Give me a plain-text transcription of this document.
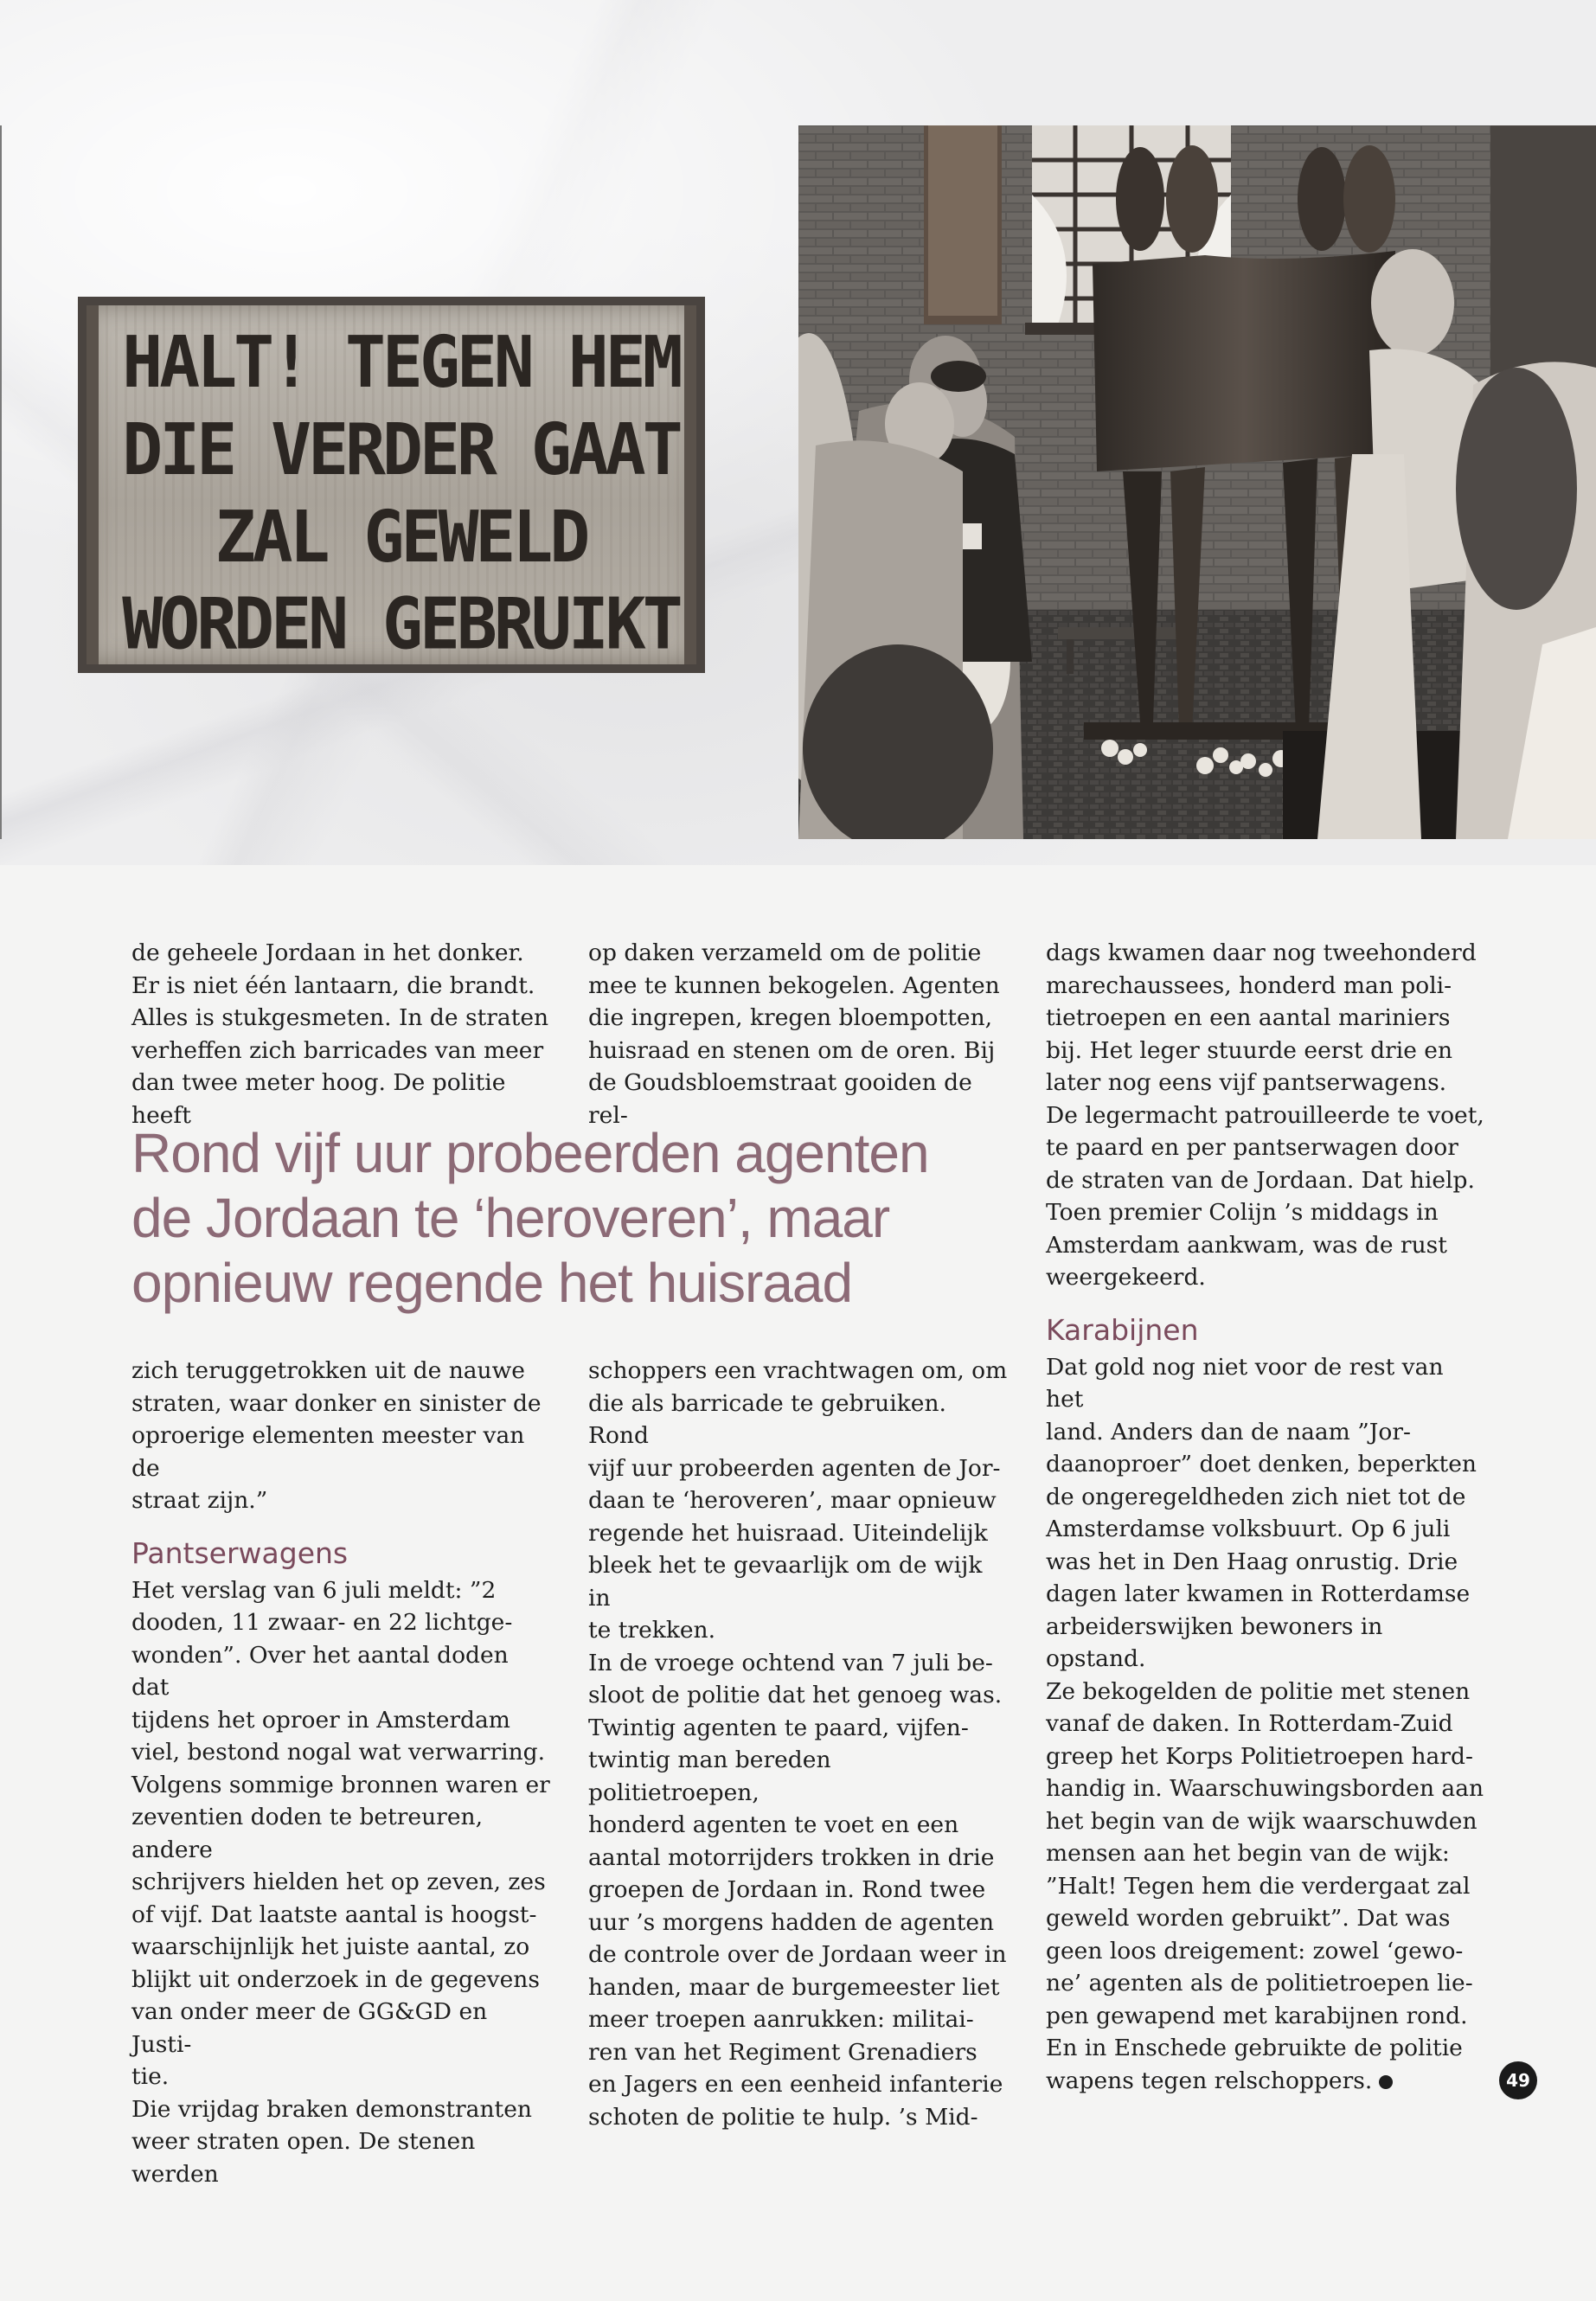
HALT! TEGEN HEM
DIE VERDER GAAT
ZAL GEWELD
WORDEN GEBRUIKT

de geheele Jordaan in het donker.

Er is niet één lantaarn, die brandt.

Alles is stukgesmeten. In de straten

verheffen zich barricades van meer

dan twee meter hoog. De politie heeft

op daken verzameld om de politie

mee te kunnen bekogelen. Agenten

die ingrepen, kregen bloempotten,

huisraad en stenen om de oren. Bij

de Goudsbloemstraat gooiden de rel-

Rond vijf uur probeerden agenten
de Jordaan te ‘heroveren’, maar
opnieuw regende het huisraad

zich teruggetrokken uit de nauwe

straten, waar donker en sinister de

oproerige elementen meester van de

straat zijn.”

Pantserwagens

Het verslag van 6 juli meldt: ”2

dooden, 11 zwaar- en 22 lichtge-

wonden”. Over het aantal doden dat

tijdens het oproer in Amsterdam

viel, bestond nogal wat verwarring.

Volgens sommige bronnen waren er

zeventien doden te betreuren, andere

schrijvers hielden het op zeven, zes

of vijf. Dat laatste aantal is hoogst-

waarschijnlijk het juiste aantal, zo

blijkt uit onderzoek in de gegevens

van onder meer de GG&GD en Justi-

tie.

Die vrijdag braken demonstranten

weer straten open. De stenen werden

schoppers een vrachtwagen om, om

die als barricade te gebruiken. Rond

vijf uur probeerden agenten de Jor-

daan te ‘heroveren’, maar opnieuw

regende het huisraad. Uiteindelijk

bleek het te gevaarlijk om de wijk in

te trekken.

In de vroege ochtend van 7 juli be-

sloot de politie dat het genoeg was.

Twintig agenten te paard, vijfen-

twintig man bereden politietroepen,

honderd agenten te voet en een

aantal motorrijders trokken in drie

groepen de Jordaan in. Rond twee

uur ’s morgens hadden de agenten

de controle over de Jordaan weer in

handen, maar de burgemeester liet

meer troepen aanrukken: militai-

ren van het Regiment Grenadiers

en Jagers en een eenheid infanterie

schoten de politie te hulp. ’s Mid-

dags kwamen daar nog tweehonderd

marechaussees, honderd man poli-

tietroepen en een aantal mariniers

bij. Het leger stuurde eerst drie en

later nog eens vijf pantserwagens.

De legermacht patrouilleerde te voet,

te paard en per pantserwagen door

de straten van de Jordaan. Dat hielp.

Toen premier Colijn ’s middags in

Amsterdam aankwam, was de rust

weergekeerd.

Karabijnen

Dat gold nog niet voor de rest van het

land. Anders dan de naam ”Jor-

daanoproer” doet denken, beperkten

de ongeregeldheden zich niet tot de

Amsterdamse volksbuurt. Op 6 juli

was het in Den Haag onrustig. Drie

dagen later kwamen in Rotterdamse

arbeiderswijken bewoners in opstand.

Ze bekogelden de politie met stenen

vanaf de daken. In Rotterdam-Zuid

greep het Korps Politietroepen hard-

handig in. Waarschuwingsborden aan

het begin van de wijk waarschuwden

mensen aan het begin van de wijk:

”Halt! Tegen hem die verdergaat zal

geweld worden gebruikt”. Dat was

geen loos dreigement: zowel ‘gewo-

ne’ agenten als de politietroepen lie-

pen gewapend met karabijnen rond.

En in Enschede gebruikte de politie

wapens tegen relschoppers.	49
